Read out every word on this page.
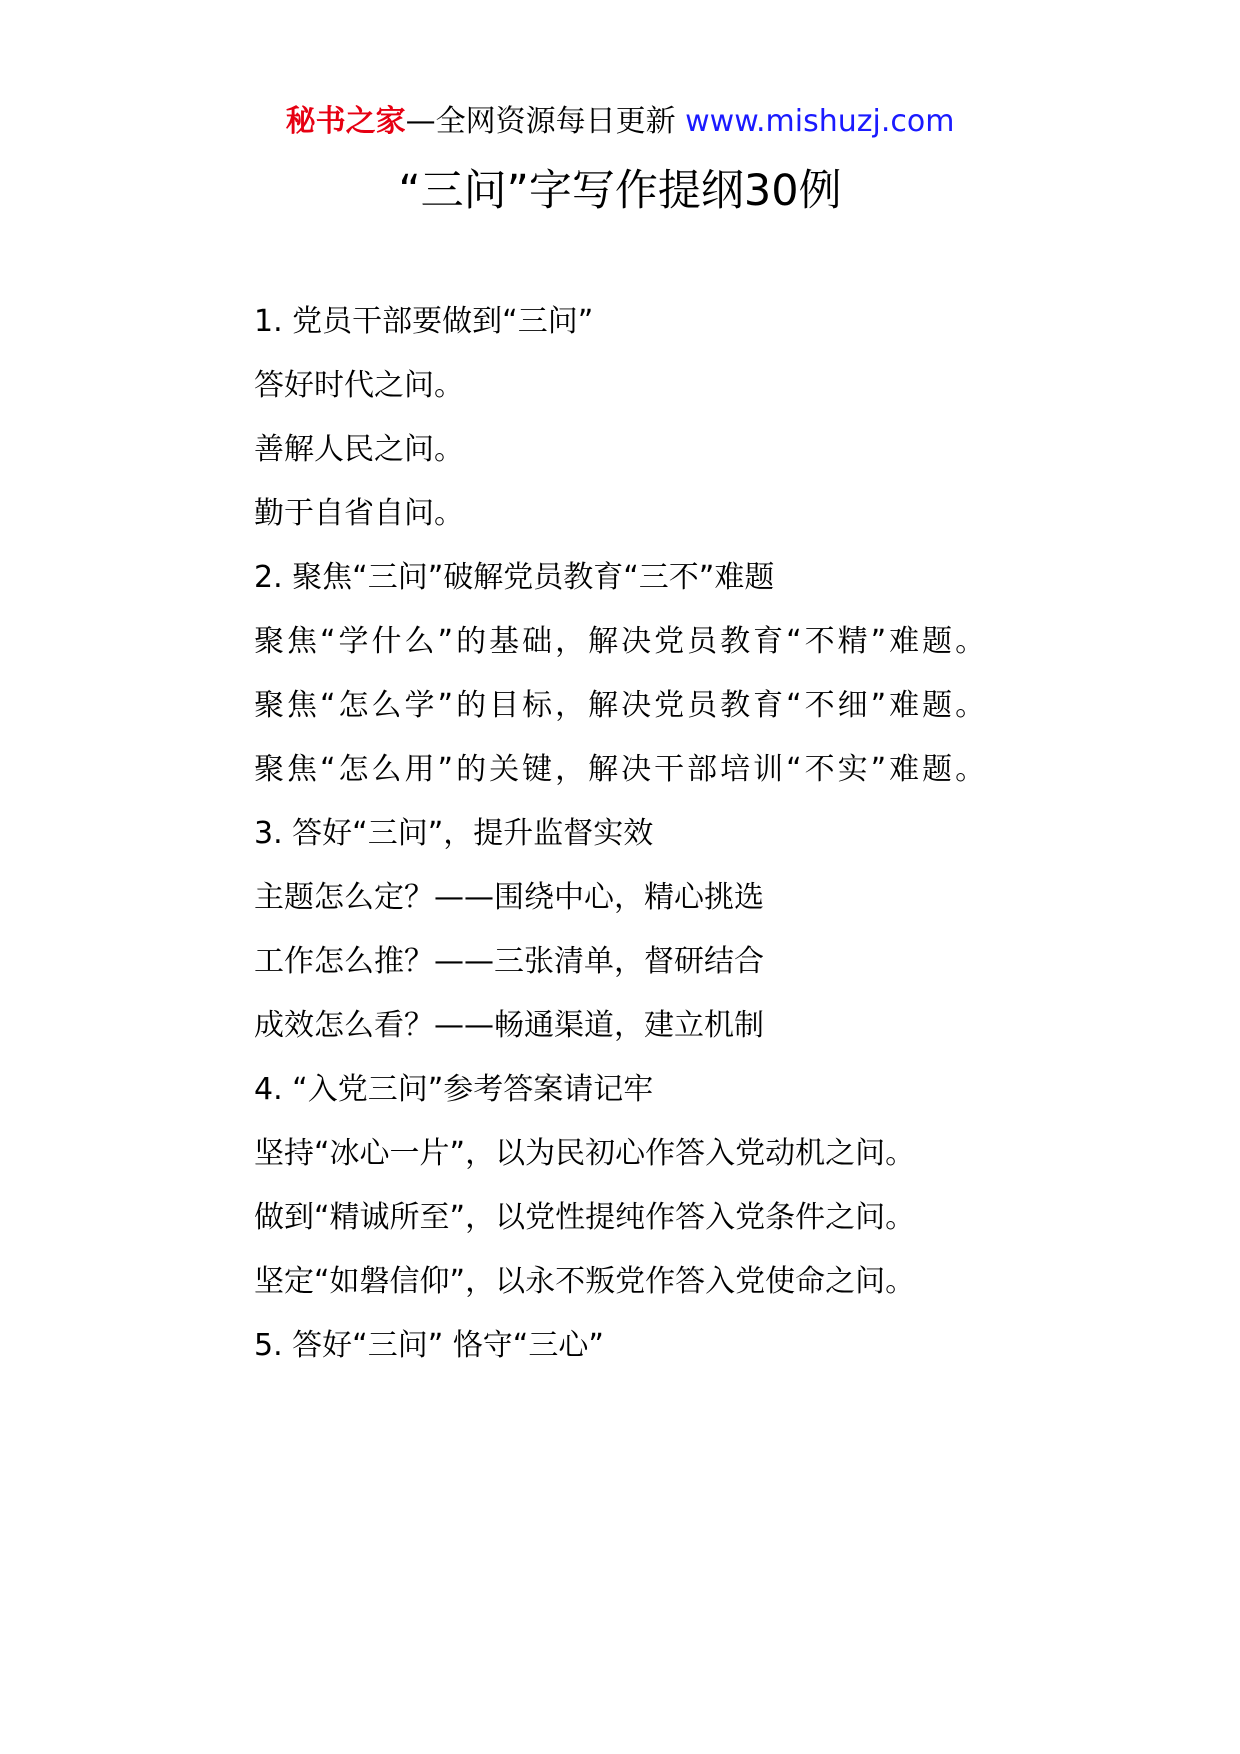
秘书之家—全网资源每日更新 www.mishuzj.com
“三问”字写作提纲30例
1. 党员干部要做到“三问”
答好时代之问。
善解人民之问。
勤于自省自问。
2. 聚焦“三问”破解党员教育“三不”难题
聚焦“学什么”的基础，解决党员教育“不精”难题。
聚焦“怎么学”的目标，解决党员教育“不细”难题。
聚焦“怎么用”的关键，解决干部培训“不实”难题。
3. 答好“三问”，提升监督实效
主题怎么定？——围绕中心，精心挑选
工作怎么推？——三张清单，督研结合
成效怎么看？——畅通渠道，建立机制
4. “入党三问”参考答案请记牢
坚持“冰心一片”，以为民初心作答入党动机之问。
做到“精诚所至”，以党性提纯作答入党条件之问。
坚定“如磐信仰”，以永不叛党作答入党使命之问。
5. 答好“三问” 恪守“三心”
